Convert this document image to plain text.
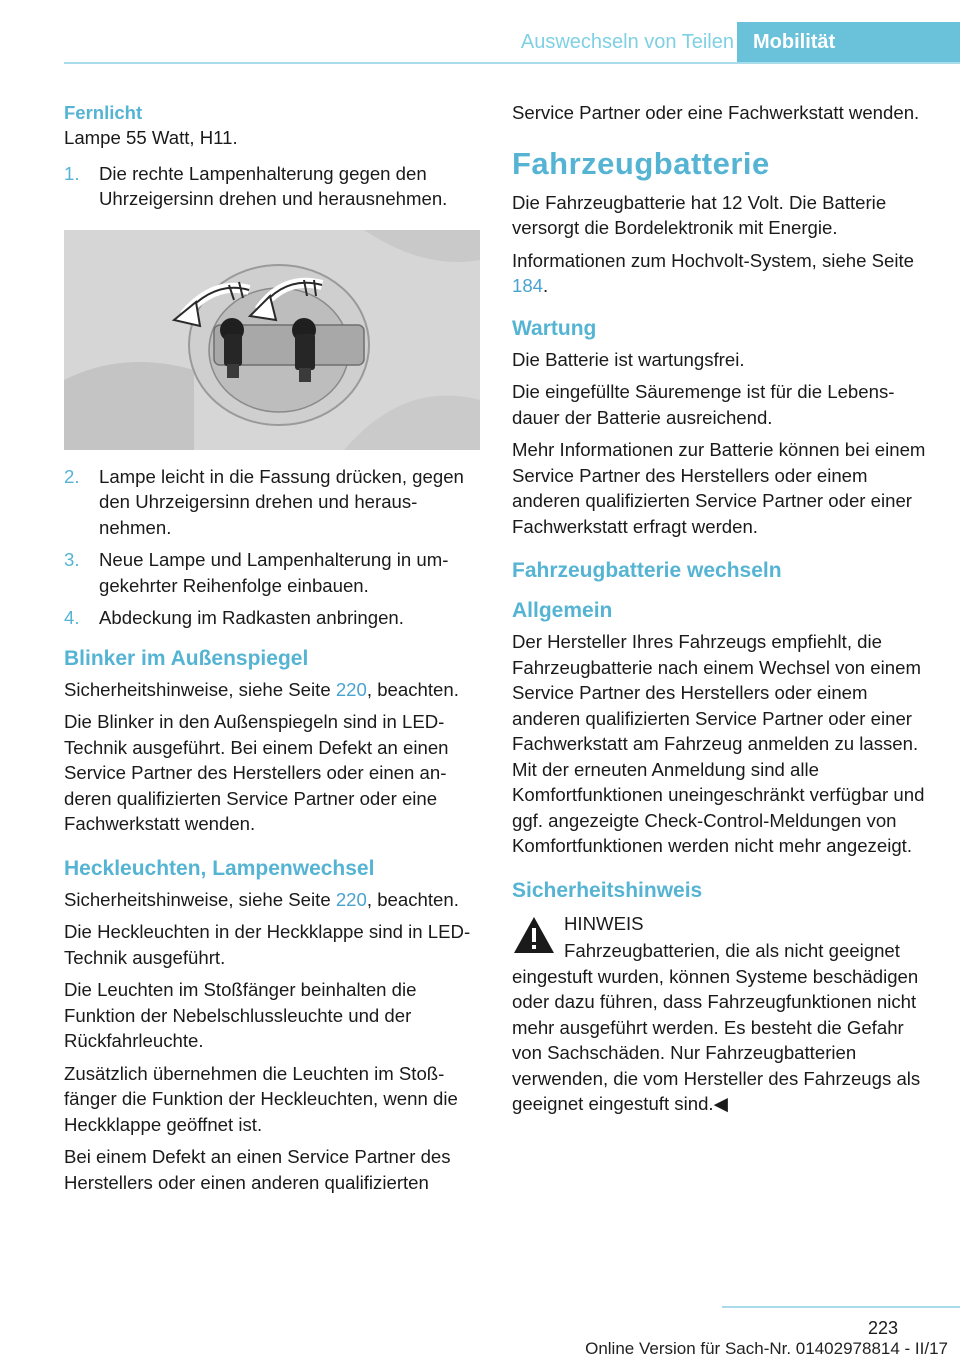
Auswechseln von Teilen Mobilität
Fernlicht

Lampe 55 Watt, H11.

1.	Die rechte Lampenhalterung gegen den Uhrzeigersinn drehen und herausnehmen.
2.	Lampe leicht in die Fassung drücken, gegen den Uhrzeigersinn drehen und herausnehmen.
3.	Neue Lampe und Lampenhalterung in umgekehrter Reihenfolge einbauen.
4.	Abdeckung im Radkasten anbringen.
Blinker im Außenspiegel

Sicherheitshinweise, siehe Seite 220, beachten.

Die Blinker in den Außenspiegeln sind in LED-Technik ausgeführt. Bei einem Defekt an einen Service Partner des Herstellers oder einen anderen qualifizierten Service Partner oder eine Fachwerkstatt wenden.

Heckleuchten, Lampenwechsel

Sicherheitshinweise, siehe Seite 220, beachten.

Die Heckleuchten in der Heckklappe sind in LED-Technik ausgeführt.

Die Leuchten im Stoßfänger beinhalten die Funktion der Nebelschlussleuchte und der Rückfahrleuchte.

Zusätzlich übernehmen die Leuchten im Stoßfänger die Funktion der Heckleuchten, wenn die Heckklappe geöffnet ist.

Bei einem Defekt an einen Service Partner des Herstellers oder einen anderen qualifizierten

Service Partner oder eine Fachwerkstatt wenden.

Fahrzeugbatterie

Die Fahrzeugbatterie hat 12 Volt. Die Batterie versorgt die Bordelektronik mit Energie.

Informationen zum Hochvolt-System, siehe Seite 184.

Wartung

Die Batterie ist wartungsfrei.

Die eingefüllte Säuremenge ist für die Lebensdauer der Batterie ausreichend.

Mehr Informationen zur Batterie können bei einem Service Partner des Herstellers oder einem anderen qualifizierten Service Partner oder einer Fachwerkstatt erfragt werden.

Fahrzeugbatterie wechseln
Allgemein

Der Hersteller Ihres Fahrzeugs empfiehlt, die Fahrzeugbatterie nach einem Wechsel von einem Service Partner des Herstellers oder einem anderen qualifizierten Service Partner oder einer Fachwerkstatt am Fahrzeug anmelden zu lassen. Mit der erneuten Anmeldung sind alle Komfortfunktionen uneingeschränkt verfügbar und ggf. angezeigte Check-Control-Meldungen von Komfortfunktionen werden nicht mehr angezeigt.

Sicherheitshinweis

HINWEIS

Fahrzeugbatterien, die als nicht geeignet eingestuft wurden, können Systeme beschädigen oder dazu führen, dass Fahrzeugfunktionen nicht mehr ausgeführt werden. Es besteht die Gefahr von Sachschäden. Nur Fahrzeugbatterien verwenden, die vom Hersteller des Fahrzeugs als geeignet eingestuft sind.◀

223
Online Version für Sach-Nr. 01402978814 - II/17
